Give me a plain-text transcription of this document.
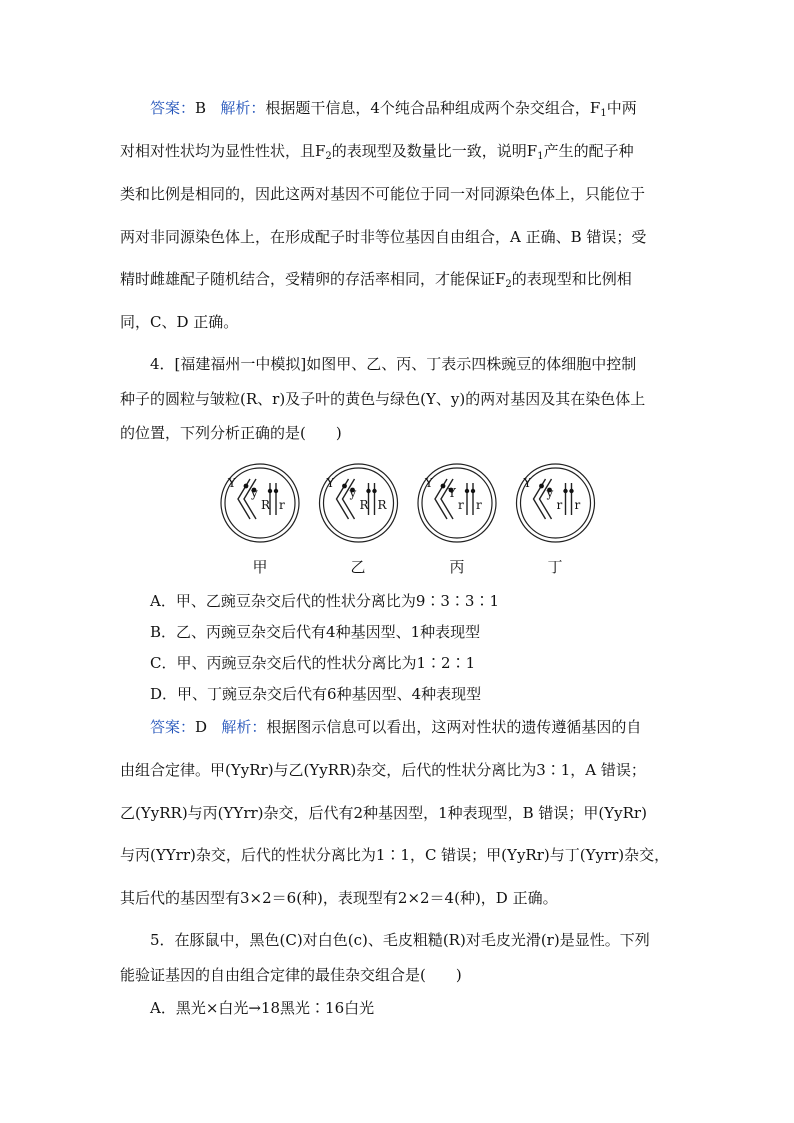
答案：B 解析：根据题干信息，4个纯合品种组成两个杂交组合，$F_1$中两
对相对性状均为显性性状，且$F_2$的表现型及数量比一致，说明$F_1$产生的配子种
类和比例是相同的，因此这两对基因不可能位于同一对同源染色体上，只能位于
两对非同源染色体上，在形成配子时非等位基因自由组合，A 正确、B 错误；受
精时雌雄配子随机结合，受精卵的存活率相同，才能保证$F_2$的表现型和比例相
同，C、D 正确。
4．[福建福州一中模拟]如图甲、乙、丙、丁表示四株豌豆的体细胞中控制
种子的圆粒与皱粒(R、r)及子叶的黄色与绿色(Y、y)的两对基因及其在染色体上
的位置，下列分析正确的是(　　)
Y
y
R r
Y
y
R R
Y
Y
r r
Y
y
r r
甲	乙	丙	丁
A．甲、乙豌豆杂交后代的性状分离比为9∶3∶3∶1
B．乙、丙豌豆杂交后代有4种基因型、1种表现型
C．甲、丙豌豆杂交后代的性状分离比为1∶2∶1
D．甲、丁豌豆杂交后代有6种基因型、4种表现型
答案：D 解析：根据图示信息可以看出，这两对性状的遗传遵循基因的自
由组合定律。甲(YyRr)与乙(YyRR)杂交，后代的性状分离比为3∶1，A 错误；
乙(YyRR)与丙(YYrr)杂交，后代有2种基因型，1种表现型，B 错误；甲(YyRr)
与丙(YYrr)杂交，后代的性状分离比为1∶1，C 错误；甲(YyRr)与丁(Yyrr)杂交，
其后代的基因型有3×2＝6(种)，表现型有2×2＝4(种)，D 正确。
5．在豚鼠中，黑色(C)对白色(c)、毛皮粗糙(R)对毛皮光滑(r)是显性。下列
能验证基因的自由组合定律的最佳杂交组合是(　　)
A．黑光×白光→18黑光∶16白光
